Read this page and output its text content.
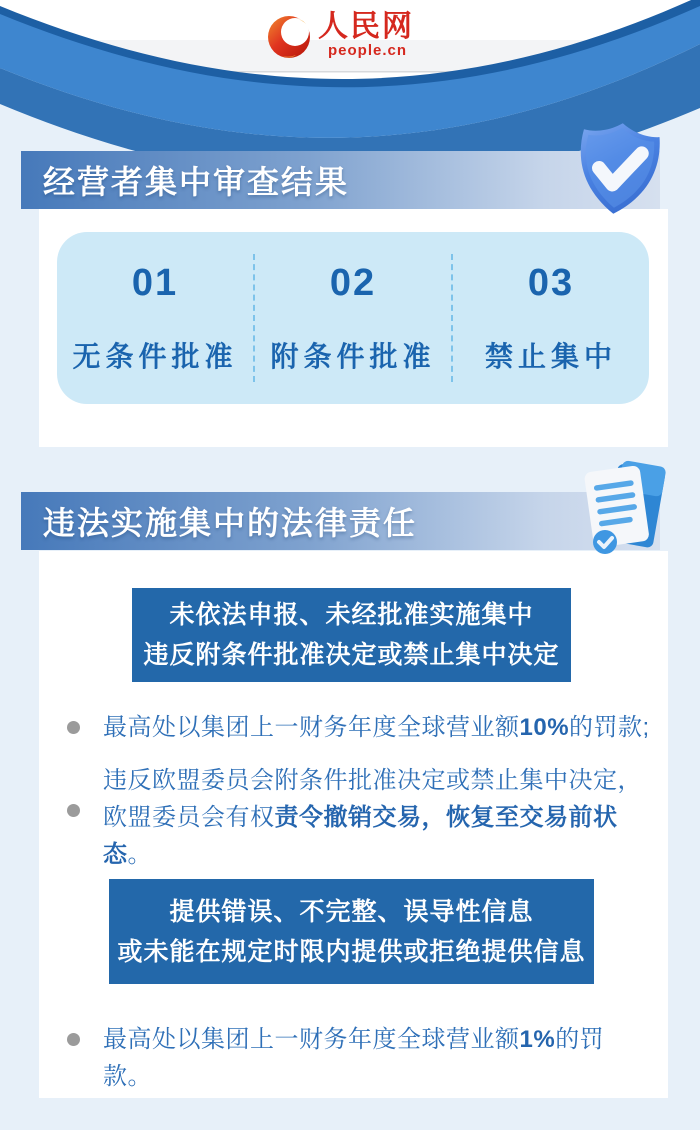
人民网
people.cn
经营者集中审查结果
01
无条件批准
02
附条件批准
03
禁止集中
违法实施集中的法律责任
未依法申报、未经批准实施集中
违反附条件批准决定或禁止集中决定

最高处以集团上一财务年度全球营业额10%的罚款;

违反欧盟委员会附条件批准决定或禁止集中决定，欧盟委员会有权责令撤销交易，恢复至交易前状态。

提供错误、不完整、误导性信息
或未能在规定时限内提供或拒绝提供信息

最高处以集团上一财务年度全球营业额1%的罚款。
